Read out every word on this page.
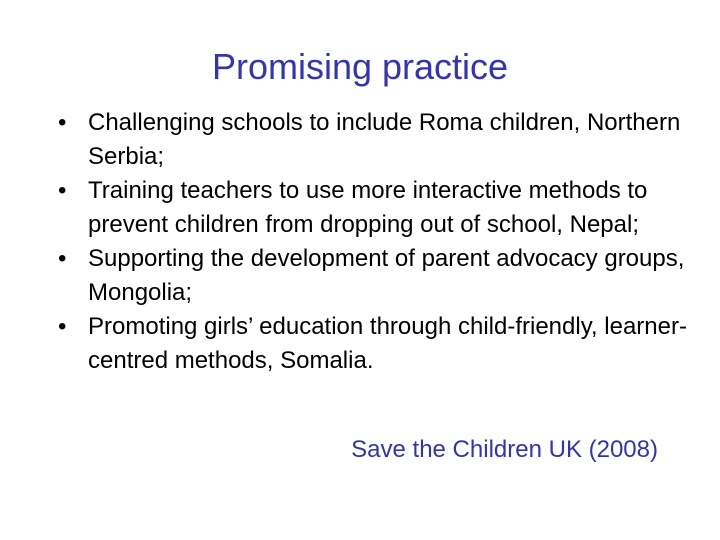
Promising practice
• Challenging schools to include Roma children, Northern Serbia;
• Training teachers to use more interactive methods to prevent children from dropping out of school, Nepal;
• Supporting the development of parent advocacy groups, Mongolia;
• Promoting girls’ education through child-friendly, learner-centred methods, Somalia.

Save the Children UK (2008)
